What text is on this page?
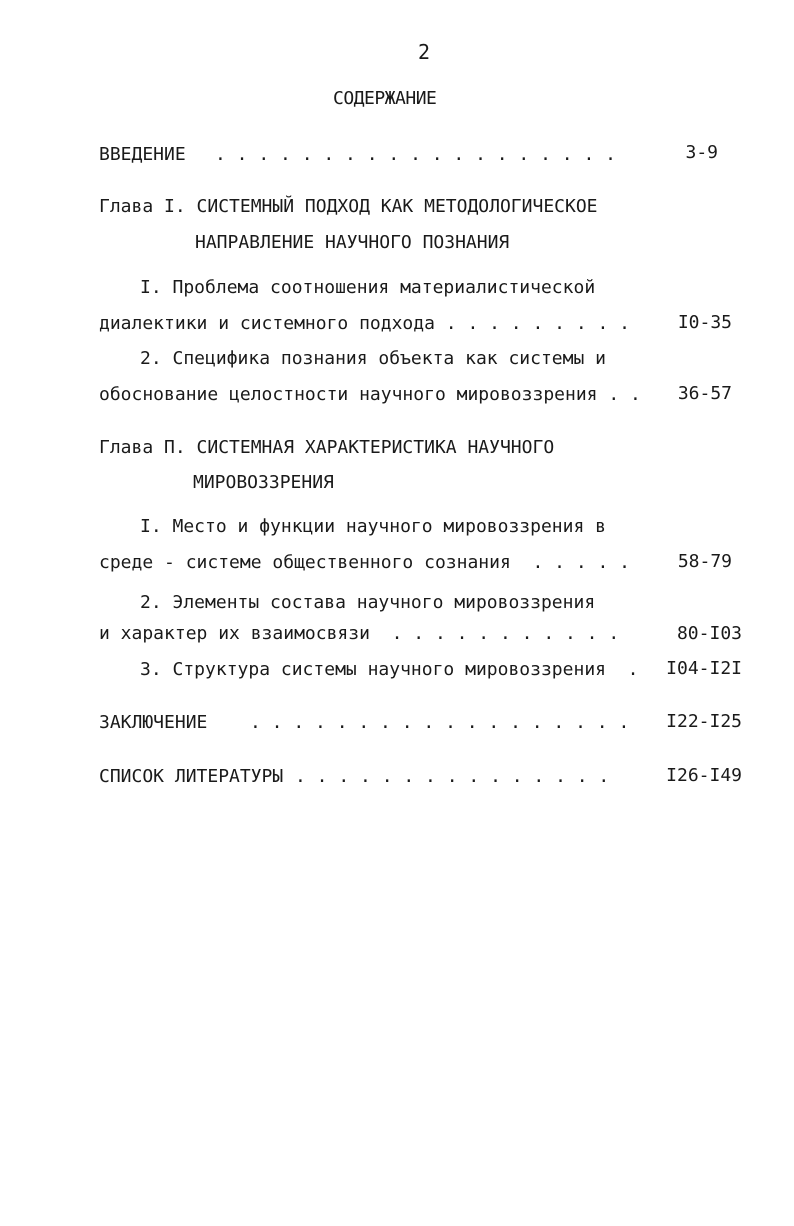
2
СОДЕРЖАНИЕ
ВВЕДЕНИЕ . . . . . . . . . . . . . . . . . . .	3-9
Глава I. СИСТЕМНЫЙ ПОДХОД КАК МЕТОДОЛОГИЧЕСКОЕ
НАПРАВЛЕНИЕ НАУЧНОГО ПОЗНАНИЯ
I. Проблема соотношения материалистической
диалектики и системного подхода . . . . . . . . .	I0-35
2. Специфика познания объекта как системы и
обоснование целостности научного мировоззрения . . 36-57
Глава П. СИСТЕМНАЯ ХАРАКТЕРИСТИКА НАУЧНОГО
МИРОВОЗЗРЕНИЯ
I. Место и функции научного мировоззрения в
среде - системе общественного сознания  . . . . .	58-79
2. Элементы состава научного мировоззрения
и характер их взаимосвязи  . . . . . . . . . . .	80-I03
3. Структура системы научного мировоззрения  . I04-I2I
ЗАКЛЮЧЕНИЕ . . . . . . . . . . . . . . . . . . I22-I25
СПИСОК ЛИТЕРАТУРЫ . . . . . . . . . . . . . . .	I26-I49
